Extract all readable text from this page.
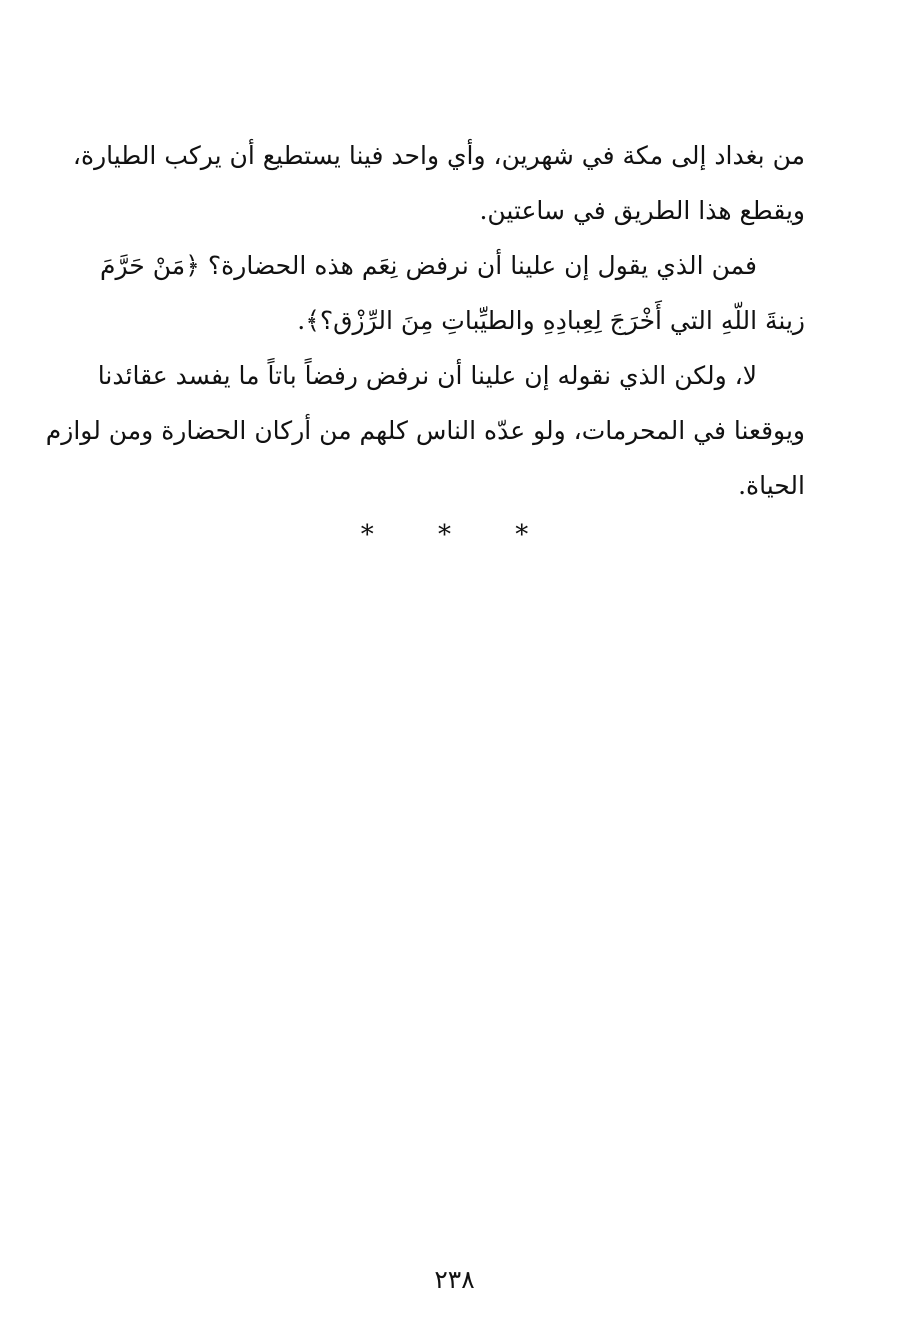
من بغداد إلى مكة في شهرين، وأي واحد فينا يستطيع أن يركب الطيارة،
ويقطع هذا الطريق في ساعتين.
فمن الذي يقول إن علينا أن نرفض نِعَم هذه الحضارة؟ ﴿مَنْ حَرَّمَ
زينةَ اللّهِ التي أَخْرَجَ لِعِبادِهِ والطيِّباتِ مِنَ الرِّزْق؟﴾.
لا، ولكن الذي نقوله إن علينا أن نرفض رفضاً باتاً ما يفسد عقائدنا
ويوقعنا في المحرمات، ولو عدّه الناس كلهم من أركان الحضارة ومن لوازم
الحياة.
* * *
٢٣٨
